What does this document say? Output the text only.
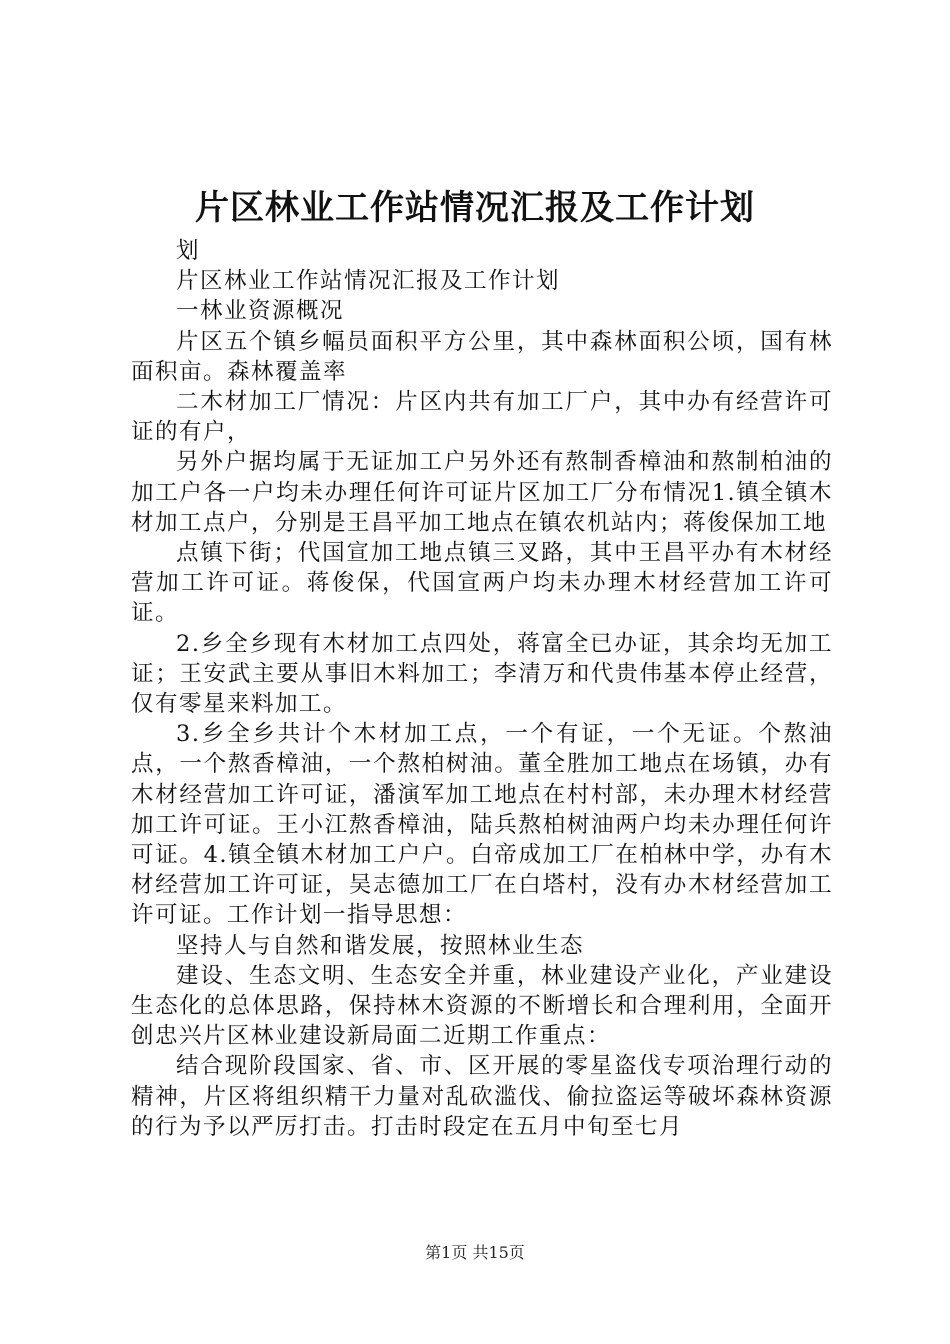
片区林业工作站情况汇报及工作计划

划

片区林业工作站情况汇报及工作计划

一林业资源概况

片区五个镇乡幅员面积平方公里，其中森林面积公顷，国有林面积亩。森林覆盖率

二木材加工厂情况：片区内共有加工厂户，其中办有经营许可证的有户，

另外户据均属于无证加工户另外还有熬制香樟油和熬制柏油的加工户各一户均未办理任何许可证片区加工厂分布情况1.镇全镇木材加工点户，分别是王昌平加工地点在镇农机站内；蒋俊保加工地

点镇下街；代国宣加工地点镇三叉路，其中王昌平办有木材经营加工许可证。蒋俊保，代国宣两户均未办理木材经营加工许可证。

2.乡全乡现有木材加工点四处，蒋富全已办证，其余均无加工证；王安武主要从事旧木料加工；李清万和代贵伟基本停止经营，仅有零星来料加工。

3.乡全乡共计个木材加工点，一个有证，一个无证。个熬油点，一个熬香樟油，一个熬柏树油。董全胜加工地点在场镇，办有木材经营加工许可证，潘演军加工地点在村村部，未办理木材经营加工许可证。王小江熬香樟油，陆兵熬柏树油两户均未办理任何许可证。4.镇全镇木材加工户户。白帝成加工厂在柏林中学，办有木材经营加工许可证，吴志德加工厂在白塔村，没有办木材经营加工许可证。工作计划一指导思想：

坚持人与自然和谐发展，按照林业生态

建设、生态文明、生态安全并重，林业建设产业化，产业建设生态化的总体思路，保持林木资源的不断增长和合理利用，全面开创忠兴片区林业建设新局面二近期工作重点：

结合现阶段国家、省、市、区开展的零星盗伐专项治理行动的精神，片区将组织精干力量对乱砍滥伐、偷拉盗运等破坏森林资源的行为予以严厉打击。打击时段定在五月中旬至七月

第1页 共15页
